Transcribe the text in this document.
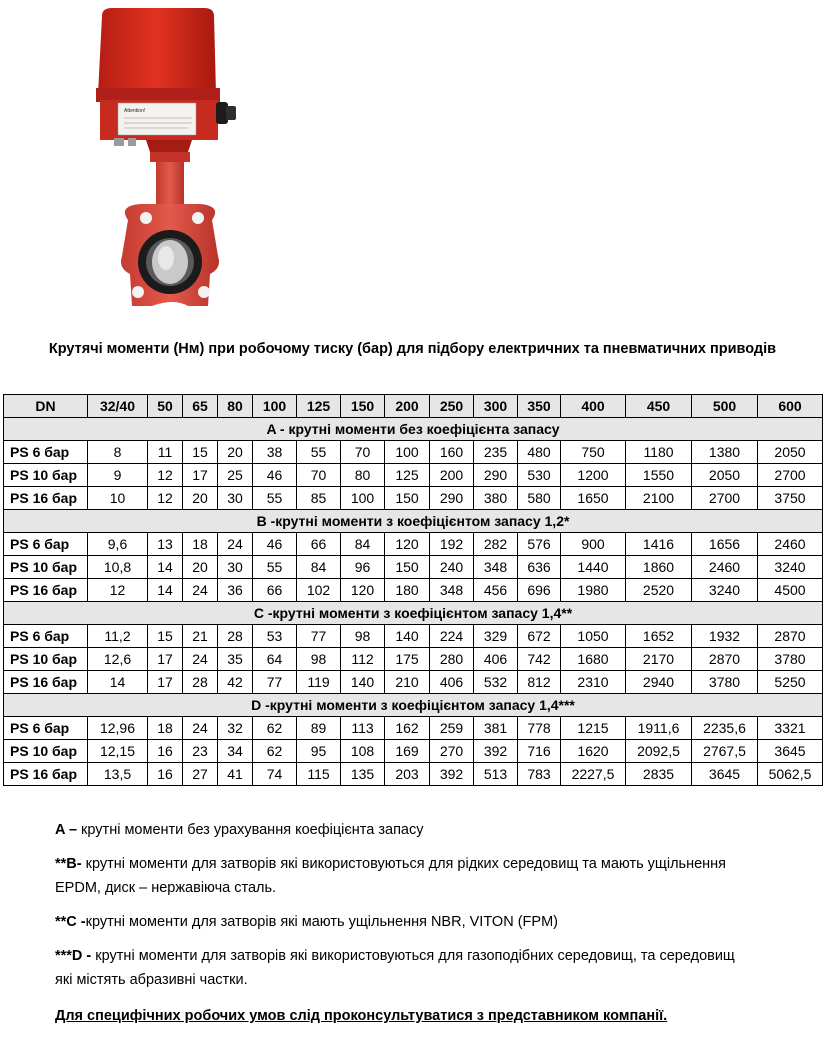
Attention!
Крутячі моменти (Нм) при робочому тиску (бар) для підбору електричних та пневматичних приводів
DN	32/40	50	65	80	100	125	150	200	250	300	350	400	450	500	600
A - крутні моменти без коефіцієнта запасу															
PS 6 бар	8	11	15	20	38	55	70	100	160	235	480	750	1180	1380	2050
PS 10 бар	9	12	17	25	46	70	80	125	200	290	530	1200	1550	2050	2700
PS 16 бар	10	12	20	30	55	85	100	150	290	380	580	1650	2100	2700	3750
B -крутні моменти з коефіцієнтом запасу 1,2*															
PS 6 бар	9,6	13	18	24	46	66	84	120	192	282	576	900	1416	1656	2460
PS 10 бар	10,8	14	20	30	55	84	96	150	240	348	636	1440	1860	2460	3240
PS 16 бар	12	14	24	36	66	102	120	180	348	456	696	1980	2520	3240	4500
C -крутні моменти з коефіцієнтом запасу 1,4**															
PS 6 бар	11,2	15	21	28	53	77	98	140	224	329	672	1050	1652	1932	2870
PS 10 бар	12,6	17	24	35	64	98	112	175	280	406	742	1680	2170	2870	3780
PS 16 бар	14	17	28	42	77	119	140	210	406	532	812	2310	2940	3780	5250
D -крутні моменти з коефіцієнтом запасу 1,4***															
PS 6 бар	12,96	18	24	32	62	89	113	162	259	381	778	1215	1911,6	2235,6	3321
PS 10 бар	12,15	16	23	34	62	95	108	169	270	392	716	1620	2092,5	2767,5	3645
PS 16 бар	13,5	16	27	41	74	115	135	203	392	513	783	2227,5	2835	3645	5062,5

A – крутні моменти без урахування коефіцієнта запасу

**B- крутні моменти для затворів які використовуються для рідких середовищ та мають ущільнення EPDM, диск – нержавіюча сталь.

**C -крутні моменти для затворів які мають ущільнення NBR, VITON (FPM)

***D - крутні моменти для затворів які використовуються для газоподібних середовищ, та середовищ які містять абразивні частки.

Для специфічних робочих умов слід проконсультуватися з представником компанії.
